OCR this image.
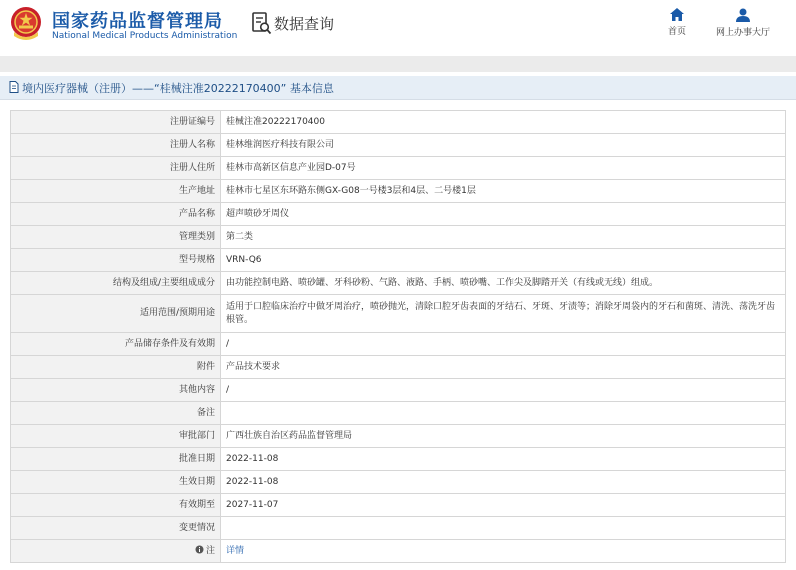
国家药品监督管理局
National Medical Products Administration
数据查询	首页	网上办事大厅
境内医疗器械（注册）——“桂械注准20222170400” 基本信息
注册证编号	桂械注准20222170400
注册人名称	桂林维润医疗科技有限公司
注册人住所	桂林市高新区信息产业园D-07号
生产地址	桂林市七星区东环路东侧GX-G08一号楼3层和4层、二号楼1层
产品名称	超声喷砂牙周仪
管理类别	第二类
型号规格	VRN-Q6
结构及组成/主要组成成分	由功能控制电路、喷砂罐、牙科砂粉、气路、液路、手柄、喷砂嘴、工作尖及脚踏开关（有线或无线）组成。
适用范围/预期用途	适用于口腔临床治疗中做牙周治疗，喷砂抛光，清除口腔牙齿表面的牙结石、牙斑、牙渍等；消除牙周袋内的牙石和菌斑、清洗、荡洗牙齿根管。

产品储存条件及有效期	/
附件	产品技术要求
其他内容	/
备注	
审批部门	广西壮族自治区药品监督管理局
批准日期	2022-11-08
生效日期	2022-11-08
有效期至	2027-11-07
变更情况	
注	详情
